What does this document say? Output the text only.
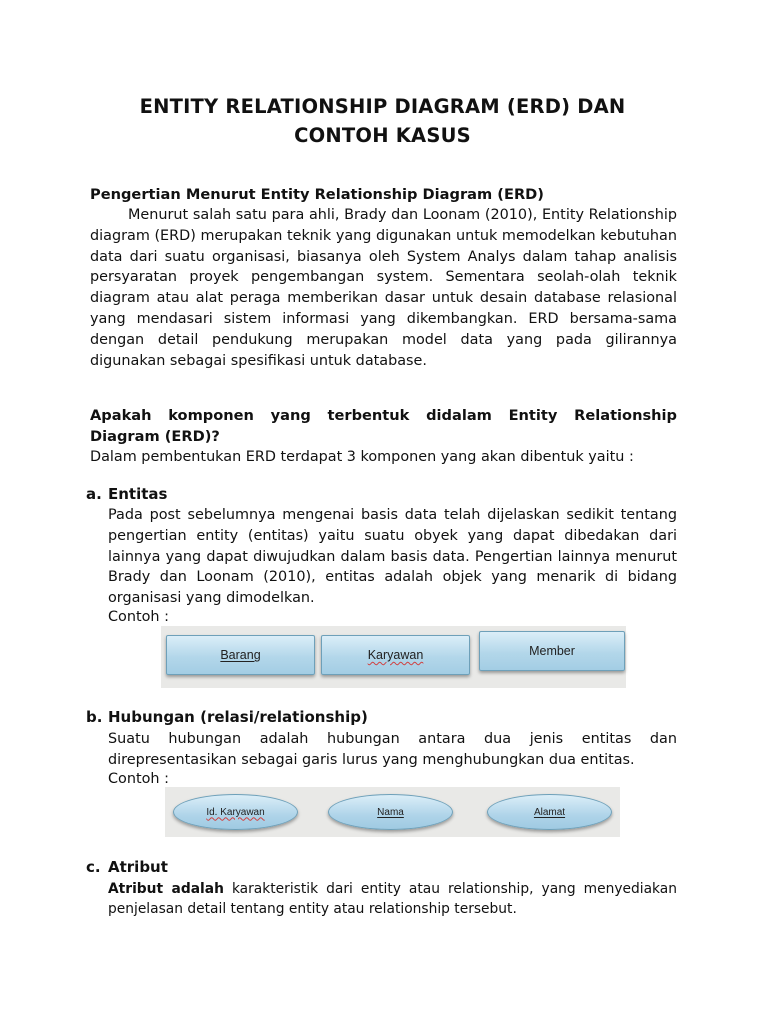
ENTITY RELATIONSHIP DIAGRAM (ERD) DAN
CONTOH KASUS
Pengertian Menurut Entity Relationship Diagram (ERD)
Menurut salah satu para ahli, Brady dan Loonam (2010), Entity Relationship diagram (ERD) merupakan teknik yang digunakan untuk memodelkan kebutuhan data dari suatu organisasi, biasanya oleh System Analys dalam tahap analisis persyaratan proyek pengembangan system. Sementara seolah-olah teknik diagram atau alat peraga memberikan dasar untuk desain database relasional yang mendasari sistem informasi yang dikembangkan. ERD bersama-sama dengan detail pendukung merupakan model data yang pada gilirannya digunakan sebagai spesifikasi untuk database.
Apakah komponen yang terbentuk didalam Entity Relationship Diagram (ERD)?
Dalam pembentukan ERD terdapat 3 komponen yang akan dibentuk yaitu :
a. Entitas
Pada post sebelumnya mengenai basis data telah dijelaskan sedikit tentang pengertian entity (entitas) yaitu suatu obyek yang dapat dibedakan dari lainnya yang dapat diwujudkan dalam basis data. Pengertian lainnya menurut Brady dan Loonam (2010), entitas adalah objek yang menarik di bidang organisasi yang dimodelkan.
Contoh :
Barang	Karyawan	Member
b. Hubungan (relasi/relationship)
Suatu hubungan adalah hubungan antara dua jenis entitas dan direpresentasikan sebagai garis lurus yang menghubungkan dua entitas.
Contoh :
Id. Karyawan	Nama	Alamat
c. Atribut
Atribut adalah karakteristik dari entity atau relationship, yang menyediakan penjelasan detail tentang entity atau relationship tersebut.
